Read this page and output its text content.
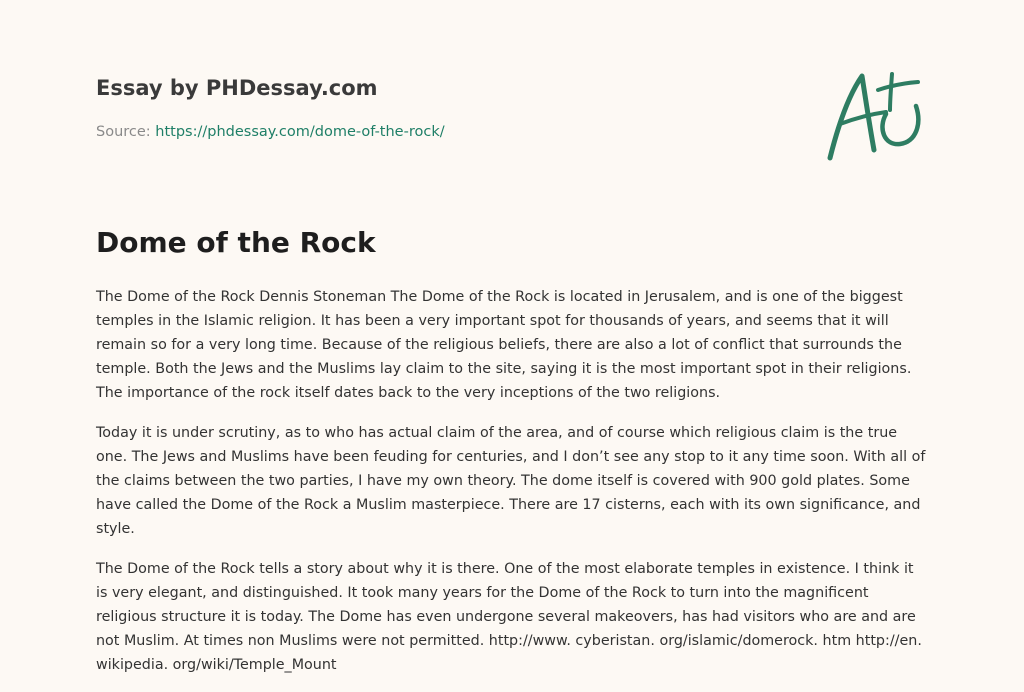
Essay by PHDessay.com
Source: https://phdessay.com/dome-of-the-rock/
Dome of the Rock

The Dome of the Rock Dennis Stoneman The Dome of the Rock is located in Jerusalem, and is one of the biggest temples in the Islamic religion. It has been a very important spot for thousands of years, and seems that it will remain so for a very long time. Because of the religious beliefs, there are also a lot of conflict that surrounds the temple. Both the Jews and the Muslims lay claim to the site, saying it is the most important spot in their religions. The importance of the rock itself dates back to the very inceptions of the two religions.

Today it is under scrutiny, as to who has actual claim of the area, and of course which religious claim is the true one. The Jews and Muslims have been feuding for centuries, and I don’t see any stop to it any time soon. With all of the claims between the two parties, I have my own theory. The dome itself is covered with 900 gold plates. Some have called the Dome of the Rock a Muslim masterpiece. There are 17 cisterns, each with its own significance, and style.

The Dome of the Rock tells a story about why it is there. One of the most elaborate temples in existence. I think it is very elegant, and distinguished. It took many years for the Dome of the Rock to turn into the magnificent religious structure it is today. The Dome has even undergone several makeovers, has had visitors who are and are not Muslim. At times non Muslims were not permitted. http://www. cyberistan. org/islamic/domerock. htm http://en. wikipedia. org/wiki/Temple_Mount
